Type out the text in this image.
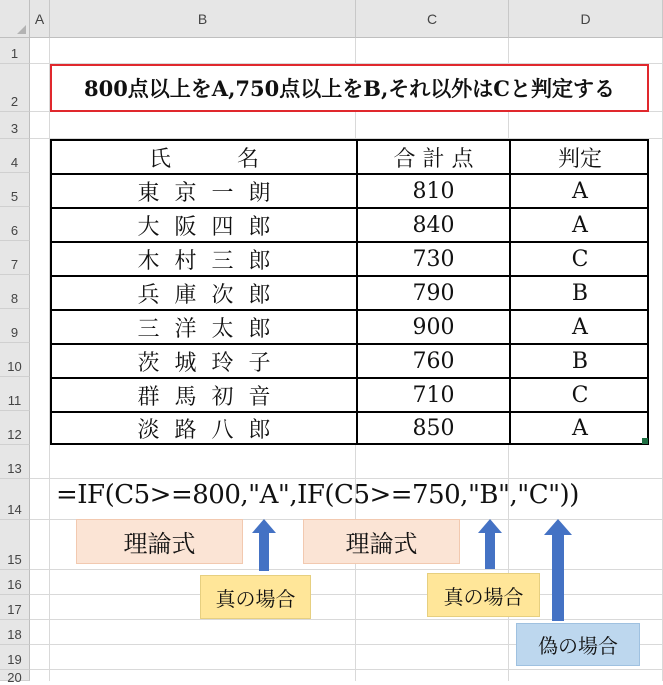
A	B	C	D
1
2
3
4
5
6
7
8
9
10
11
12
13
14
15
16
17
18
19
20
800点以上をA,750点以上をB,それ以外はCと判定する
氏　　　名	合 計 点	判定
東京一朗	810	A
大阪四郎	840	A
木村三郎	730	C
兵庫次郎	790	B
三洋太郎	900	A
茨城玲子	760	B
群馬初音	710	C
淡路八郎	850	A
=IF(C5>=800,"A",IF(C5>=750,"B","C"))
理論式	理論式
真の場合	真の場合
偽の場合
